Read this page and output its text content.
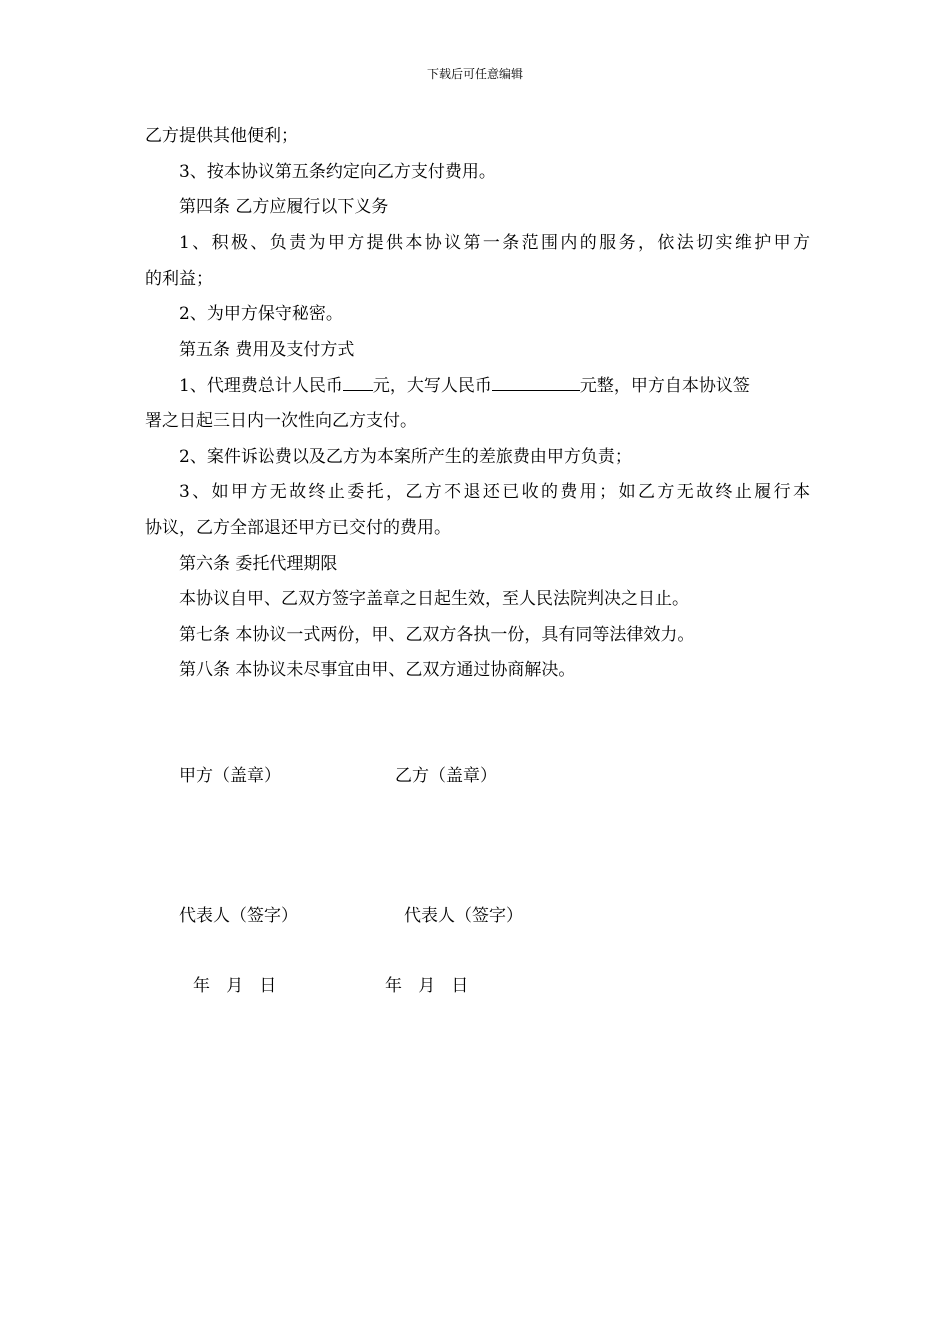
下载后可任意编辑
乙方提供其他便利；
3、按本协议第五条约定向乙方支付费用。
第四条 乙方应履行以下义务
1、积极、负责为甲方提供本协议第一条范围内的服务，依法切实维护甲方
的利益；
2、为甲方保守秘密。
第五条 费用及支付方式
1、代理费总计人民币 元，大写人民币	元整，甲方自本协议签
署之日起三日内一次性向乙方支付。
2、案件诉讼费以及乙方为本案所产生的差旅费由甲方负责；
3、如甲方无故终止委托，乙方不退还已收的费用；如乙方无故终止履行本
协议，乙方全部退还甲方已交付的费用。
第六条 委托代理期限
本协议自甲、乙双方签字盖章之日起生效，至人民法院判决之日止。
第七条 本协议一式两份，甲、乙双方各执一份，具有同等法律效力。
第八条 本协议未尽事宜由甲、乙双方通过协商解决。
甲方（盖章）	乙方（盖章）
代表人（签字）	代表人（签字）
年   月   日	年   月   日
